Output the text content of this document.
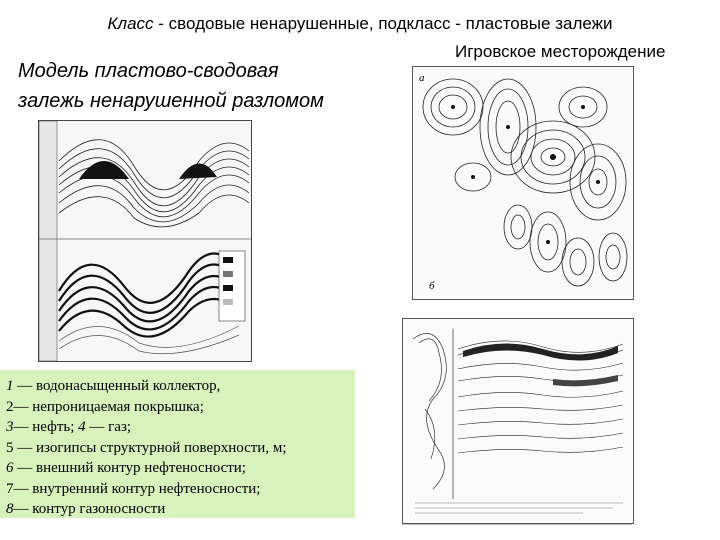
Класс - сводовые ненарушенные, подкласс - пластовые залежи
Модель пластово-сводовая
залежь ненарушенной разломом
Игровское месторождение
1 — водонасыщенный коллектор,
2— непроницаемая покрышка;
3— нефть; 4 — газ;
5 — изогипсы структурной поверхности, м;
6 — внешний контур нефтеносности;
7— внутренний контур нефтеносности;
8— контур газоносности
а
б
